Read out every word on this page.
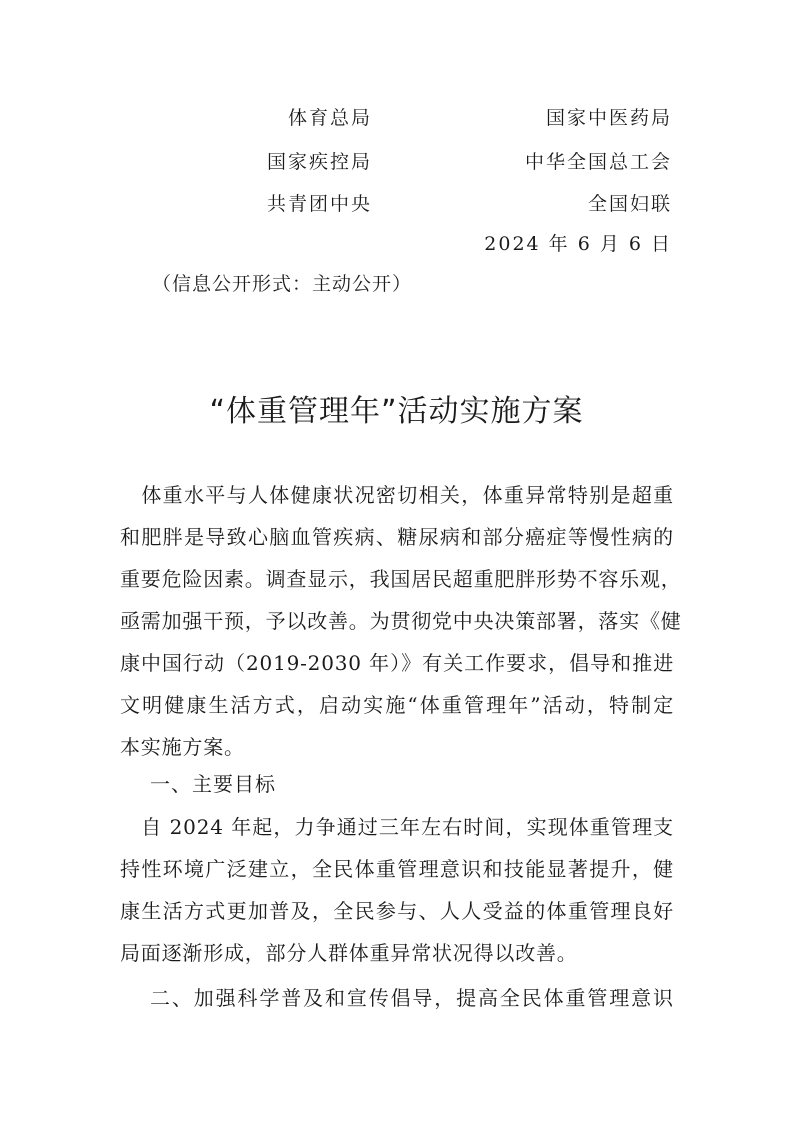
体育总局
国家疾控局
共青团中央
国家中医药局
中华全国总工会
全国妇联
2024 年 6 月 6 日
（信息公开形式：主动公开）
“体重管理年”活动实施方案
　体重水平与人体健康状况密切相关，体重异常特别是超重
和肥胖是导致心脑血管疾病、糖尿病和部分癌症等慢性病的
重要危险因素。调查显示，我国居民超重肥胖形势不容乐观，
亟需加强干预，予以改善。为贯彻党中央决策部署，落实《健
康中国行动（2019-2030 年）》有关工作要求，倡导和推进
文明健康生活方式，启动实施“体重管理年”活动，特制定
本实施方案。
一、主要目标
　自 2024 年起，力争通过三年左右时间，实现体重管理支
持性环境广泛建立，全民体重管理意识和技能显著提升，健
康生活方式更加普及，全民参与、人人受益的体重管理良好
局面逐渐形成，部分人群体重异常状况得以改善。
二、加强科学普及和宣传倡导，提高全民体重管理意识
